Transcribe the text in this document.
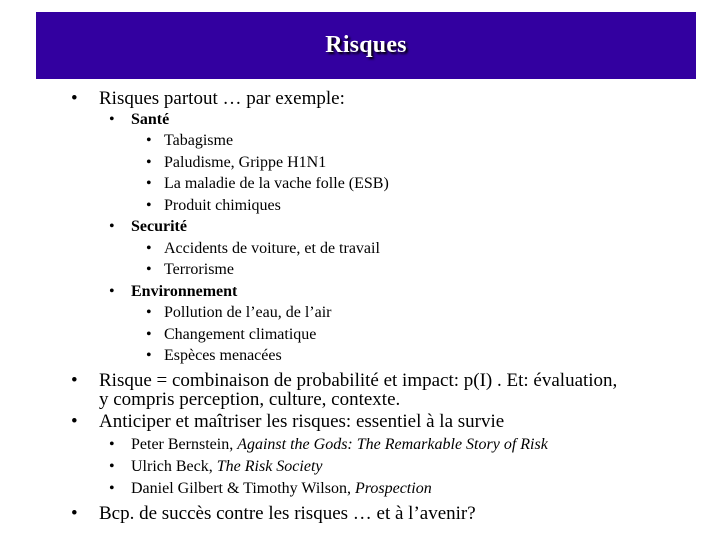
Risques
• Risques partout … par exemple:
• Santé
• Tabagisme
• Paludisme, Grippe H1N1
• La maladie de la vache folle (ESB)
• Produit chimiques
• Securité
• Accidents de voiture, et de travail
• Terrorisme
• Environnement
• Pollution de l’eau, de l’air
• Changement climatique
• Espèces menacées
• Risque = combinaison de probabilité et impact: p(I) . Et: évaluation,
y compris perception, culture, contexte.
• Anticiper et maîtriser les risques: essentiel à la survie
• Peter Bernstein, Against the Gods: The Remarkable Story of Risk
• Ulrich Beck, The Risk Society
• Daniel Gilbert & Timothy Wilson, Prospection
• Bcp. de succès contre les risques … et à l’avenir?
